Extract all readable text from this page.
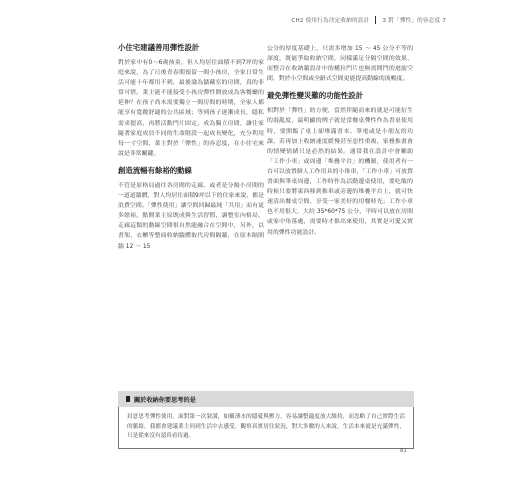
CH2 使用行為決定收納的設計 3 對「彈性」的容忍度 7
小住宅建議善用彈性設計
對於家中有0～6歲孩童，但人均居住面積不到7坪的家庭來說，為了日後青春期預留一間小孩房，全家日常生活可能十年都用不到，最後淪為儲藏室的房間，真的非常可惜。業主能不能接受小孩房彈性開放成為客餐廳的延伸？在孩子尚未需要獨立一間房間的時期，全家人都能享有寬敞舒適的公共區域；等到孩子逐漸成長，隱私需求提高，再將活動門片固定，成為獨立房間，讓住家隨著家庭成員不同的生命階段一起成長變化，充分利用每一寸空間，業主對於「彈性」的容忍度，在小住宅來說是非常關鍵。
創造流暢有餘裕的動線
不管是原格局過往各房間的走廊，或者是分隔小房間的一道道牆體，對人均居住面積9坪以下的住家來說，都是浪費空間。「彈性使用」讓空間回歸最純「共用」而有更多餘裕。點開業主原既成與生活習慣，調整室內格局，走廊這類的動線空間很自然能融合在空間中，另外，以書架、衣櫃等整面收納牆體取代房間隔牆，在原本隔間牆 12 ～ 15
公分的厚度基礎上，只需多增加 15 ～ 45 公分不等的深度，既能爭取收納空間，同樣滿足分隔空間的效果，而整合在收納牆設計中的構拉門片也無需開門的迴旋空間，對於小空間或全齡式空間更能提高動線的流暢度。
避免彈性變災難的功能性設計
相對於「彈性」的方便，當然伴隨而來的就是可能衍生的混亂度，最明顯的例子就是當餐桌彈性作為書桌使用時，要開飯了桌上卻堆滿書本、筆電或是小朋友的功課，若再加上收納速度緩慢甚至惡性重複，家務推畫會的情變情緒只是必然的結果。通常我在設計中會輔助「工作小車」或周邊「堆疊平台」的機制，使用者有一台可以放置個人工作用具的小推車，「工作小車」可放置書面與筆桌周邊，工作時作為活動邊桌使用，要吃飯的時候只要將東西移到推車或旁邊的堆疊平台上，就可快速清出餐桌空間，享受一家美好的用餐時光；工作小車也不用很大，大約 35*60*75 公分，平時可以放在房間或家中角落處，需要時才推出來使用，其實是可愛又實用的彈性功能設計。
關於收納你要思考的是
封意思考彈性使用，面對第一次裝潢，如羅薄水的隱憂與壓力，容易讓整適度放大維持，而忽略了自己實際生活的脈絡，我都會建議業主回到生活中去感受，觀察真實居住狀況，對大多數的人來說，生活本來就是充滿彈性，只是從來沒有認真看待過。
81
